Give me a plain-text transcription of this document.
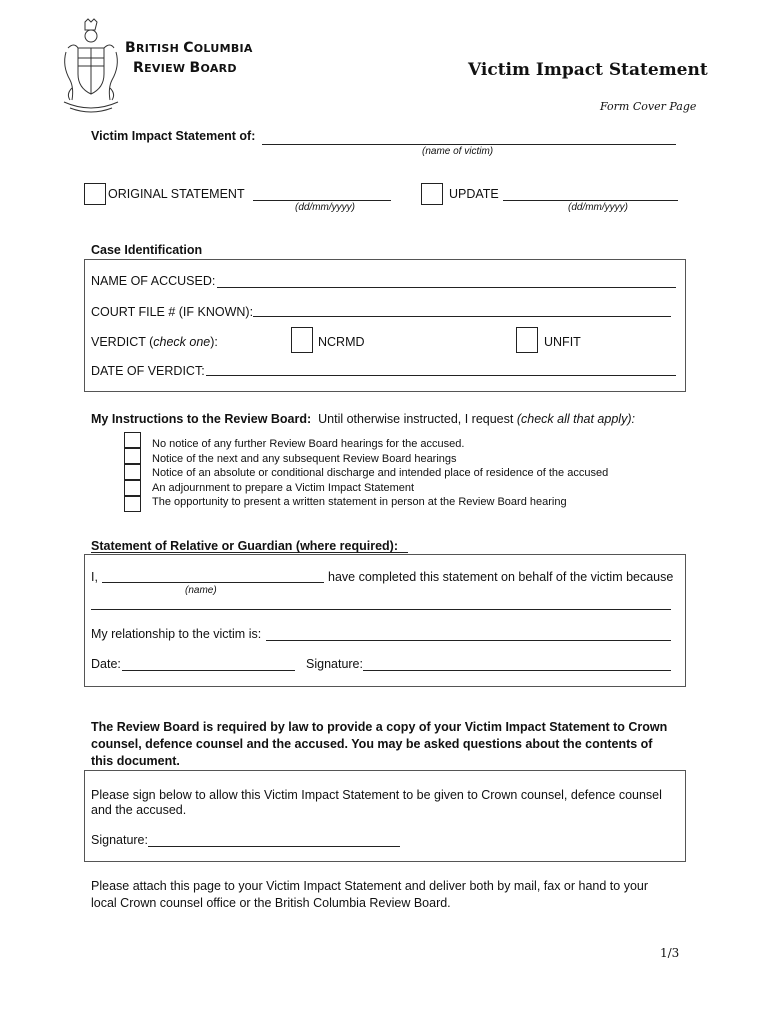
BRITISH COLUMBIA
REVIEW BOARD	Victim Impact Statement
Form Cover Page
Victim Impact Statement of:
(name of victim)
ORIGINAL STATEMENT
(dd/mm/yyyy)
UPDATE
(dd/mm/yyyy)
Case Identification
NAME OF ACCUSED:
COURT FILE # (IF KNOWN):
VERDICT (check one):	NCRMD	UNFIT
DATE OF VERDICT:
My Instructions to the Review Board: Until otherwise instructed, I request (check all that apply):
No notice of any further Review Board hearings for the accused.
Notice of the next and any subsequent Review Board hearings
Notice of an absolute or conditional discharge and intended place of residence of the accused
An adjournment to prepare a Victim Impact Statement
The opportunity to present a written statement in person at the Review Board hearing
Statement of Relative or Guardian (where required):
I,
(name)
have completed this statement on behalf of the victim because
My relationship to the victim is:
Date:	Signature:
The Review Board is required by law to provide a copy of your Victim Impact Statement to Crown counsel, defence counsel and the accused. You may be asked questions about the contents of this document.
Please sign below to allow this Victim Impact Statement to be given to Crown counsel, defence counsel and the accused.
Signature:
Please attach this page to your Victim Impact Statement and deliver both by mail, fax or hand to your local Crown counsel office or the British Columbia Review Board.
1/3
